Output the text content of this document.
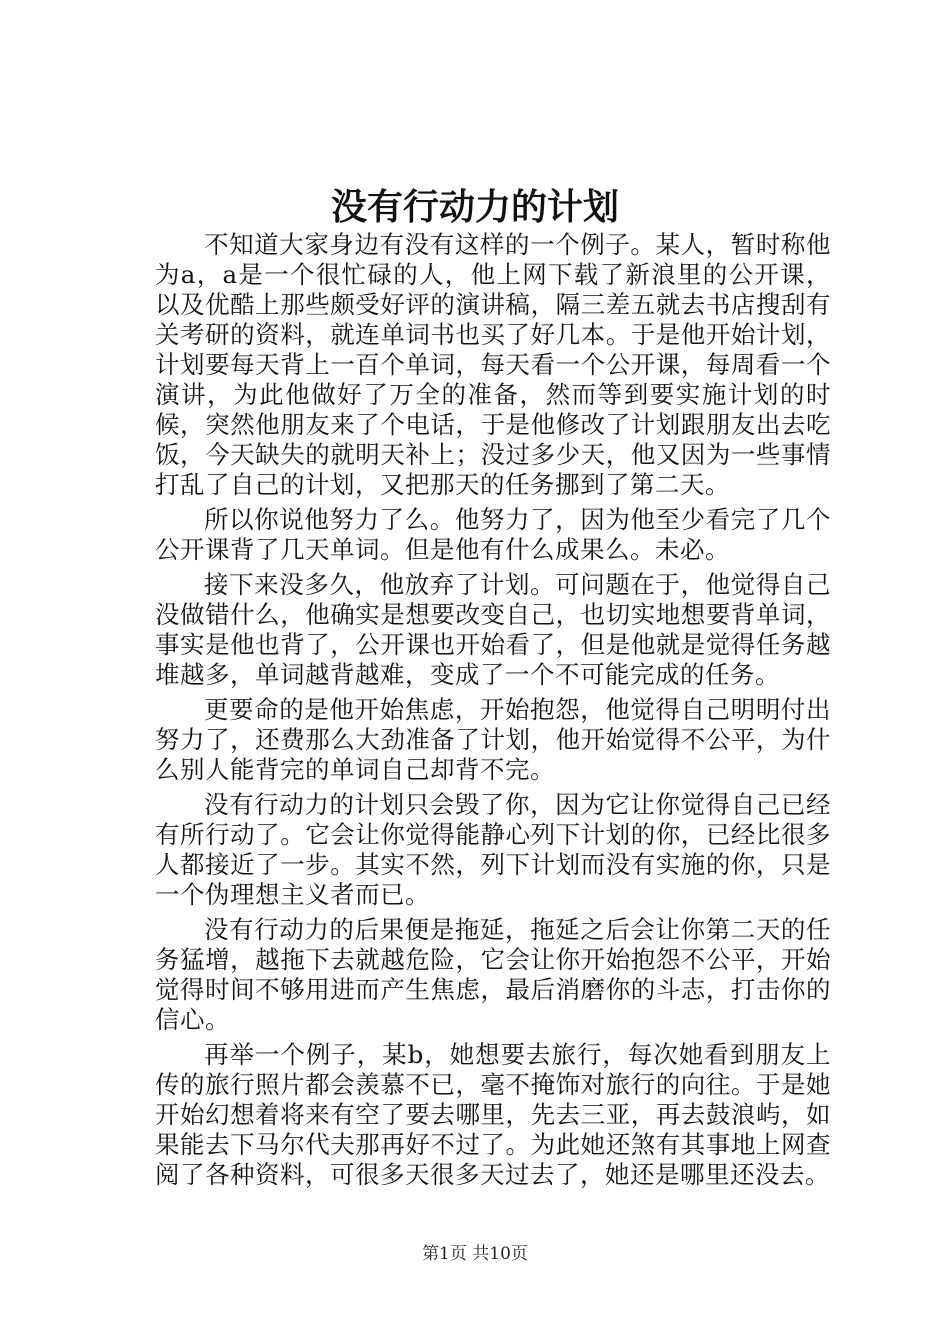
没有行动力的计划

不知道大家身边有没有这样的一个例子。某人，暂时称他为a，a是一个很忙碌的人，他上网下载了新浪里的公开课，以及优酷上那些颇受好评的演讲稿，隔三差五就去书店搜刮有关考研的资料，就连单词书也买了好几本。于是他开始计划，计划要每天背上一百个单词，每天看一个公开课，每周看一个演讲，为此他做好了万全的准备，然而等到要实施计划的时候，突然他朋友来了个电话，于是他修改了计划跟朋友出去吃饭，今天缺失的就明天补上；没过多少天，他又因为一些事情打乱了自己的计划，又把那天的任务挪到了第二天。

所以你说他努力了么。他努力了，因为他至少看完了几个公开课背了几天单词。但是他有什么成果么。未必。

接下来没多久，他放弃了计划。可问题在于，他觉得自己没做错什么，他确实是想要改变自己，也切实地想要背单词，事实是他也背了，公开课也开始看了，但是他就是觉得任务越堆越多，单词越背越难，变成了一个不可能完成的任务。

更要命的是他开始焦虑，开始抱怨，他觉得自己明明付出努力了，还费那么大劲准备了计划，他开始觉得不公平，为什么别人能背完的单词自己却背不完。

没有行动力的计划只会毁了你，因为它让你觉得自己已经有所行动了。它会让你觉得能静心列下计划的你，已经比很多人都接近了一步。其实不然，列下计划而没有实施的你，只是一个伪理想主义者而已。

没有行动力的后果便是拖延，拖延之后会让你第二天的任务猛增，越拖下去就越危险，它会让你开始抱怨不公平，开始觉得时间不够用进而产生焦虑，最后消磨你的斗志，打击你的信心。

再举一个例子，某b，她想要去旅行，每次她看到朋友上传的旅行照片都会羡慕不已，毫不掩饰对旅行的向往。于是她开始幻想着将来有空了要去哪里，先去三亚，再去鼓浪屿，如果能去下马尔代夫那再好不过了。为此她还煞有其事地上网查阅了各种资料，可很多天很多天过去了，她还是哪里还没去。

第1页 共10页
